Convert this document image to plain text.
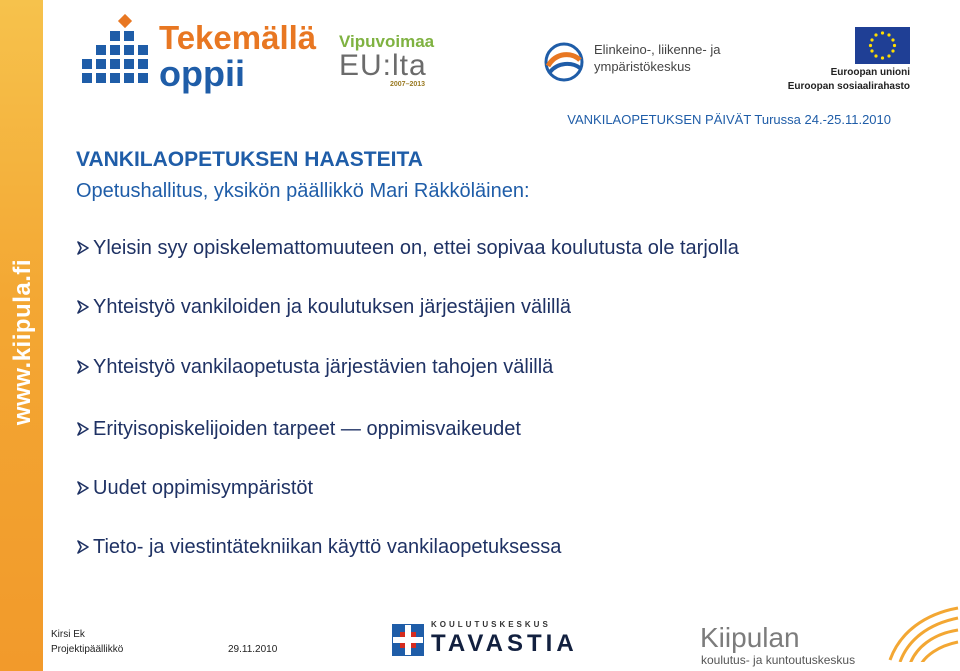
www.kiipula.fi
Tekemällä
oppii
Vipuvoimaa
EU:lta
2007–2013
Elinkeino-, liikenne- ja
ympäristökeskus	Euroopan unioni
Euroopan sosiaalirahasto
VANKILAOPETUKSEN PÄIVÄT Turussa 24.-25.11.2010
VANKILAOPETUKSEN HAASTEITA
Opetushallitus, yksikön päällikkö Mari Räkköläinen:
Yleisin syy opiskelemattomuuteen on, ettei sopivaa koulutusta ole tarjolla
Yhteistyö vankiloiden ja koulutuksen järjestäjien välillä
Yhteistyö vankilaopetusta järjestävien tahojen välillä
Erityisopiskelijoiden tarpeet — oppimisvaikeudet
Uudet oppimisympäristöt
Tieto- ja viestintätekniikan käyttö vankilaopetuksessa
Kirsi Ek
Projektipäällikkö	29.11.2010
KOULUTUSKESKUS
TAVASTIA	Kiipulan
koulutus- ja kuntoutuskeskus
